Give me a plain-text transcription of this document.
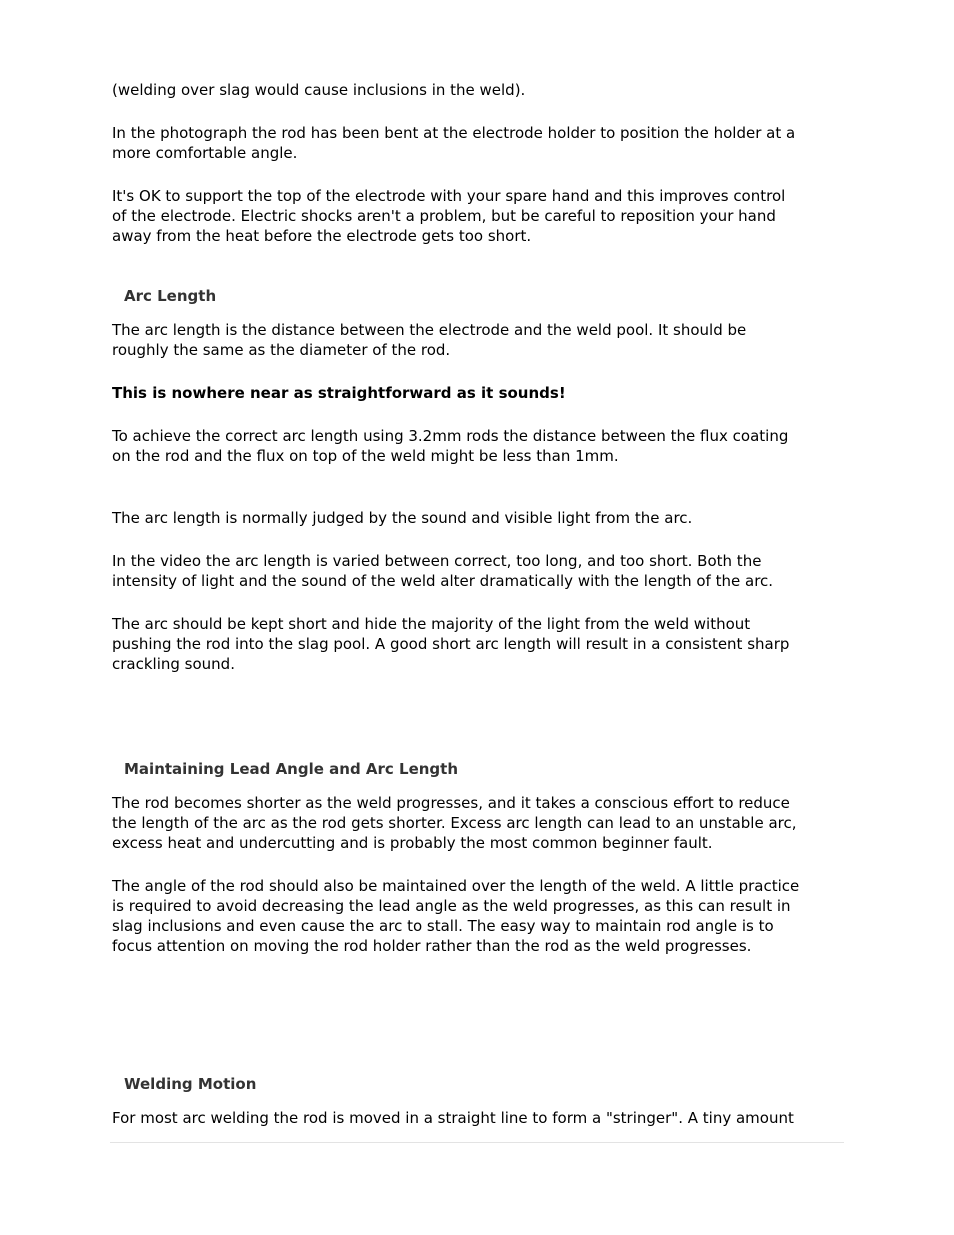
(welding over slag would cause inclusions in the weld).

In the photograph the rod has been bent at the electrode holder to position the holder at a
more comfortable angle.

It's OK to support the top of the electrode with your spare hand and this improves control
of the electrode. Electric shocks aren't a problem, but be careful to reposition your hand
away from the heat before the electrode gets too short.

Arc Length

The arc length is the distance between the electrode and the weld pool. It should be
roughly the same as the diameter of the rod.

This is nowhere near as straightforward as it sounds!

To achieve the correct arc length using 3.2mm rods the distance between the flux coating
on the rod and the flux on top of the weld might be less than 1mm.

The arc length is normally judged by the sound and visible light from the arc.

In the video the arc length is varied between correct, too long, and too short. Both the
intensity of light and the sound of the weld alter dramatically with the length of the arc.

The arc should be kept short and hide the majority of the light from the weld without
pushing the rod into the slag pool. A good short arc length will result in a consistent sharp
crackling sound.

Maintaining Lead Angle and Arc Length

The rod becomes shorter as the weld progresses, and it takes a conscious effort to reduce
the length of the arc as the rod gets shorter. Excess arc length can lead to an unstable arc,
excess heat and undercutting and is probably the most common beginner fault.

The angle of the rod should also be maintained over the length of the weld. A little practice
is required to avoid decreasing the lead angle as the weld progresses, as this can result in
slag inclusions and even cause the arc to stall. The easy way to maintain rod angle is to
focus attention on moving the rod holder rather than the rod as the weld progresses.

Welding Motion

For most arc welding the rod is moved in a straight line to form a "stringer". A tiny amount
